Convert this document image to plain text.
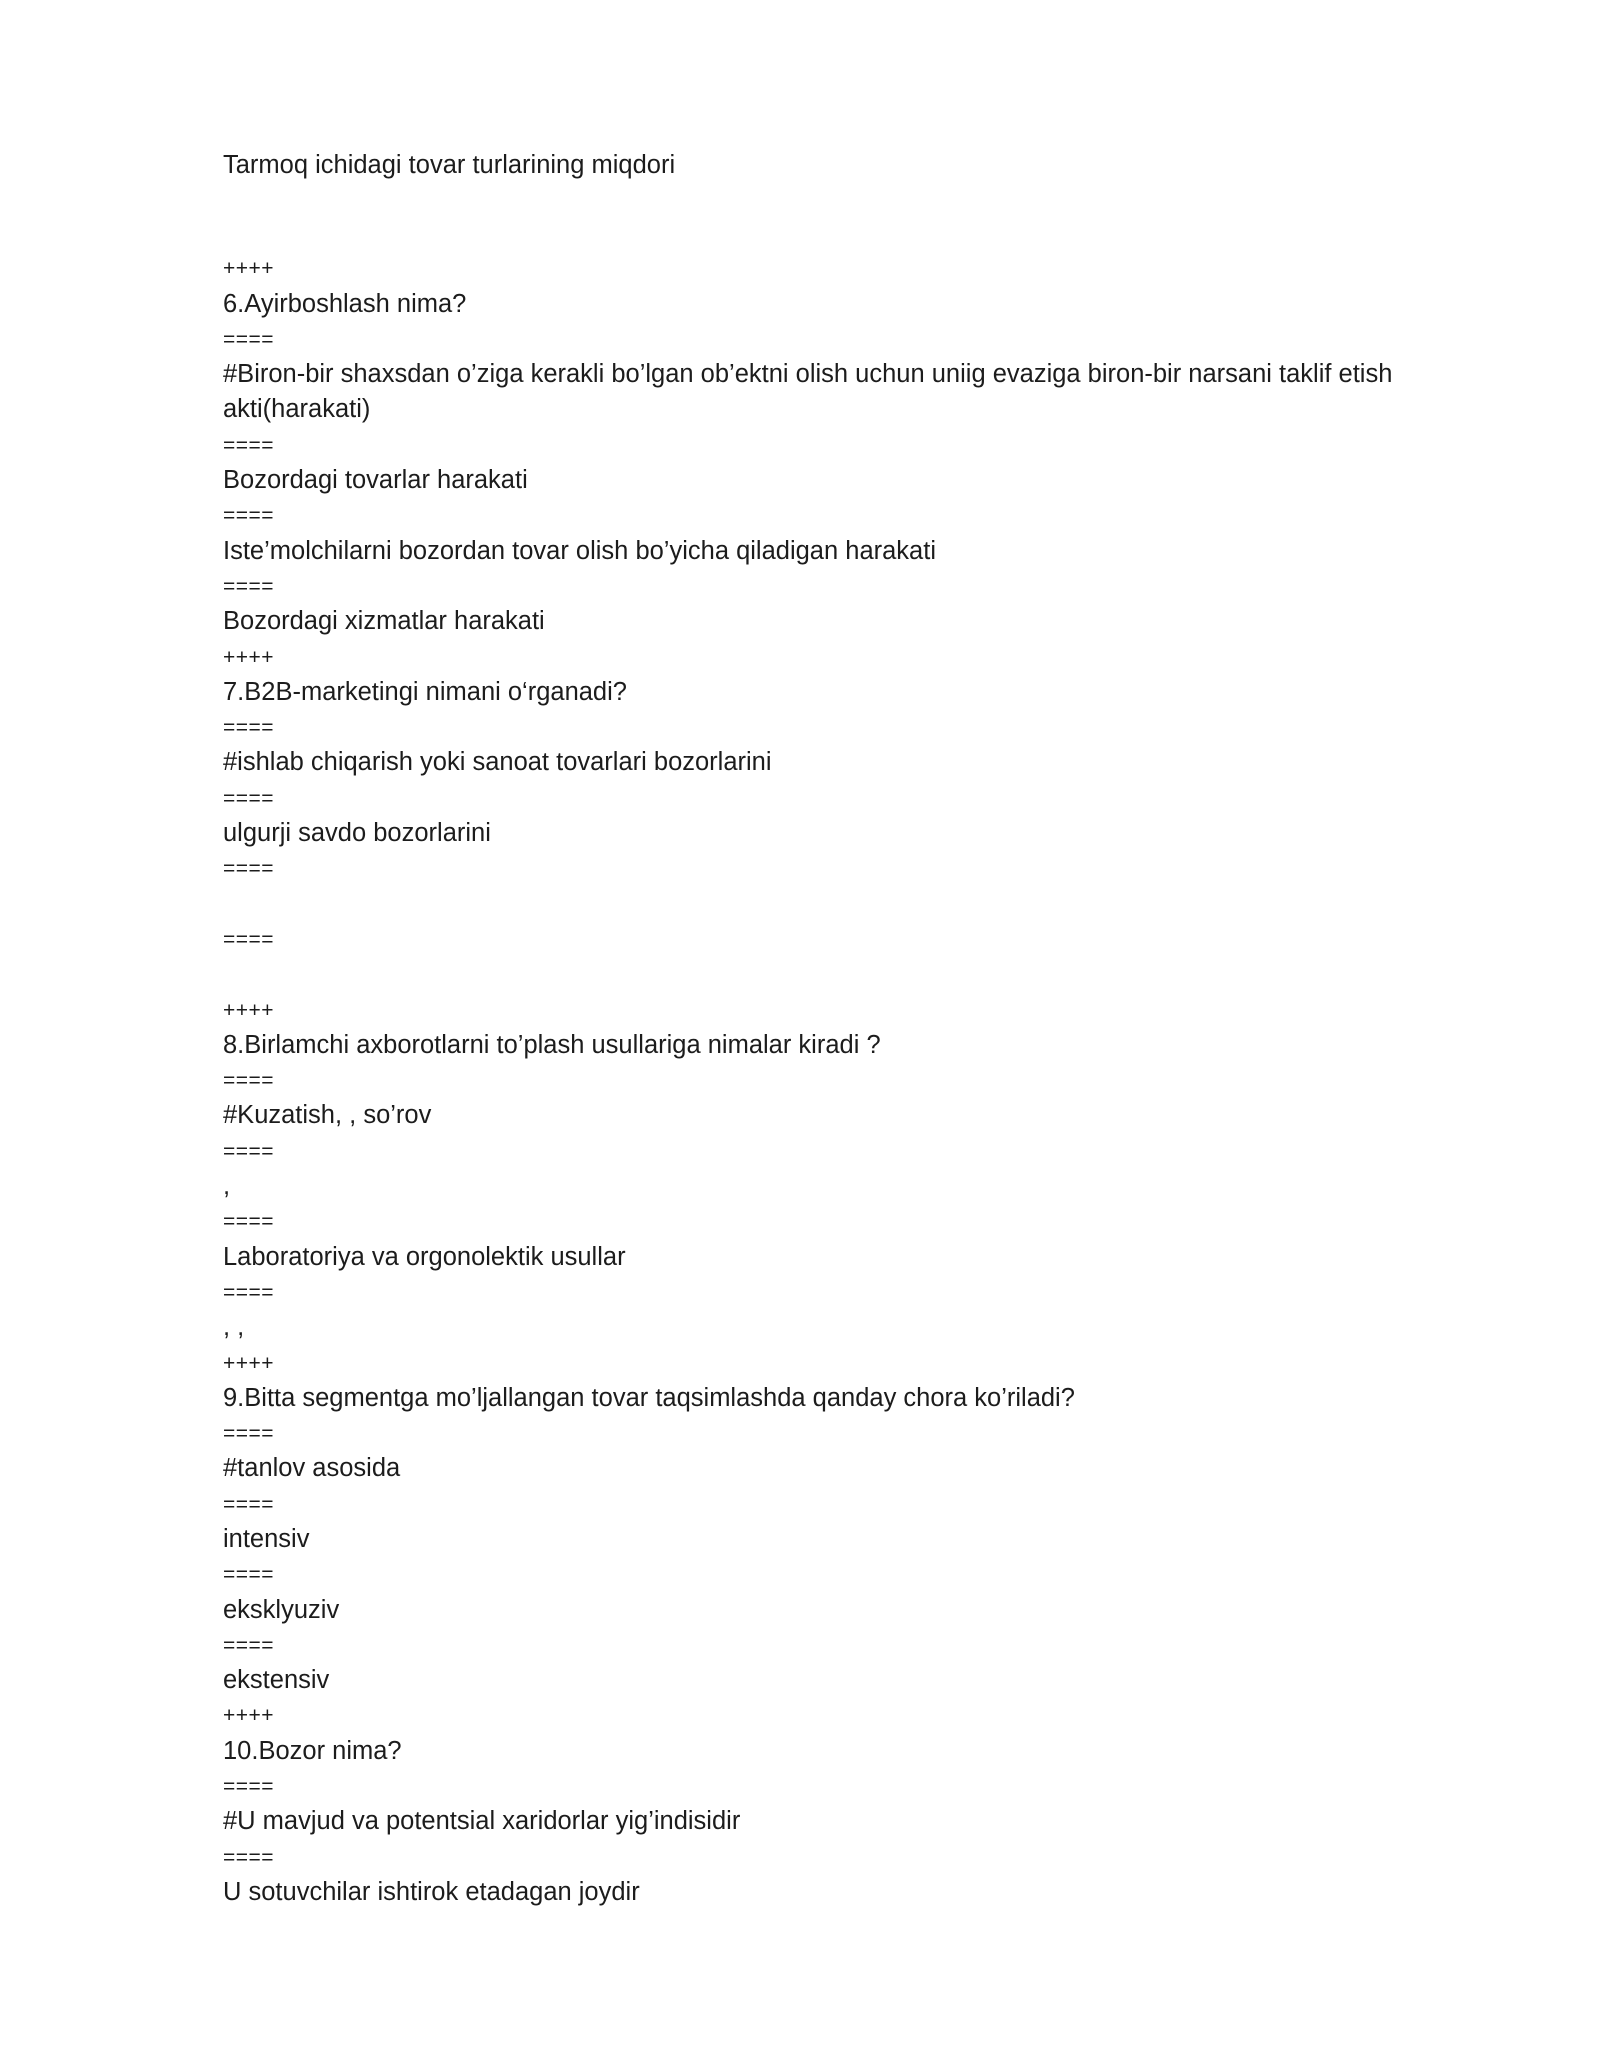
Tarmoq ichidagi tovar turlarining miqdori
++++
6.Ayirboshlash nima?
====
#Biron-bir shaxsdan o’ziga kerakli bo’lgan ob’ektni olish uchun uniig evaziga biron-bir narsani taklif etish akti(harakati)
====
Bozordagi tovarlar harakati
====
Iste’molchilarni bozordan tovar olish bo’yicha qiladigan harakati
====
Bozordagi xizmatlar harakati
++++
7.B2B-marketingi nimani o‘rganadi?
====
#ishlab chiqarish yoki sanoat tovarlari bozorlarini
====
ulgurji savdo bozorlarini
====
====
++++
8.Birlamchi axborotlarni to’plash usullariga nimalar kiradi ?
====
#Kuzatish, , so’rov
====
,
====
Laboratoriya va orgonolektik usullar
====
, ,
++++
9.Bitta segmentga mo’ljallangan tovar taqsimlashda qanday chora ko’riladi?
====
#tanlov asosida
====
intensiv
====
eksklyuziv
====
ekstensiv
++++
10.Bozor nima?
====
#U mavjud va potentsial xaridorlar yig’indisidir
====
U sotuvchilar ishtirok etadagan joydir
